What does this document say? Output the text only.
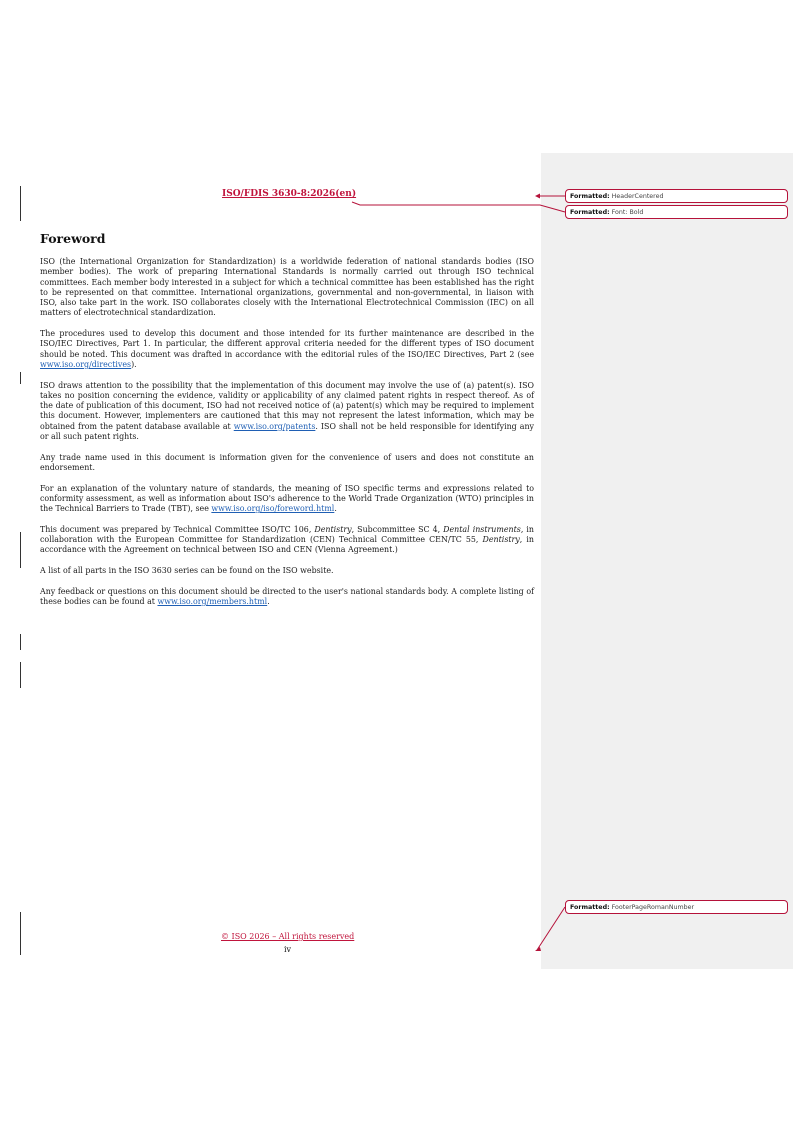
ISO/FDIS 3630-8:2026(en)
Foreword

ISO (the International Organization for Standardization) is a worldwide federation of national standards bodies (ISO member bodies). The work of preparing International Standards is normally carried out through ISO technical committees. Each member body interested in a subject for which a technical committee has been established has the right to be represented on that committee. International organizations, governmental and non-governmental, in liaison with ISO, also take part in the work. ISO collaborates closely with the International Electrotechnical Commission (IEC) on all matters of electrotechnical standardization.

The procedures used to develop this document and those intended for its further maintenance are described in the ISO/IEC Directives, Part 1. In particular, the different approval criteria needed for the different types of ISO document should be noted. This document was drafted in accordance with the editorial rules of the ISO/IEC Directives, Part 2 (see www.iso.org/directives).

ISO draws attention to the possibility that the implementation of this document may involve the use of (a) patent(s). ISO takes no position concerning the evidence, validity or applicability of any claimed patent rights in respect thereof. As of the date of publication of this document, ISO had not received notice of (a) patent(s) which may be required to implement this document. However, implementers are cautioned that this may not represent the latest information, which may be obtained from the patent database available at www.iso.org/patents. ISO shall not be held responsible for identifying any or all such patent rights.

Any trade name used in this document is information given for the convenience of users and does not constitute an endorsement.

For an explanation of the voluntary nature of standards, the meaning of ISO specific terms and expressions related to conformity assessment, as well as information about ISO's adherence to the World Trade Organization (WTO) principles in the Technical Barriers to Trade (TBT), see www.iso.org/iso/foreword.html.

This document was prepared by Technical Committee ISO/TC 106, Dentistry, Subcommittee SC 4, Dental instruments, in collaboration with the European Committee for Standardization (CEN) Technical Committee CEN/TC 55, Dentistry, in accordance with the Agreement on technical between ISO and CEN (Vienna Agreement.)

A list of all parts in the ISO 3630 series can be found on the ISO website.

Any feedback or questions on this document should be directed to the user's national standards body. A complete listing of these bodies can be found at www.iso.org/members.html.

© ISO 2026 – All rights reserved
iv
Formatted: HeaderCentered
Formatted: Font: Bold
Formatted: FooterPageRomanNumber
